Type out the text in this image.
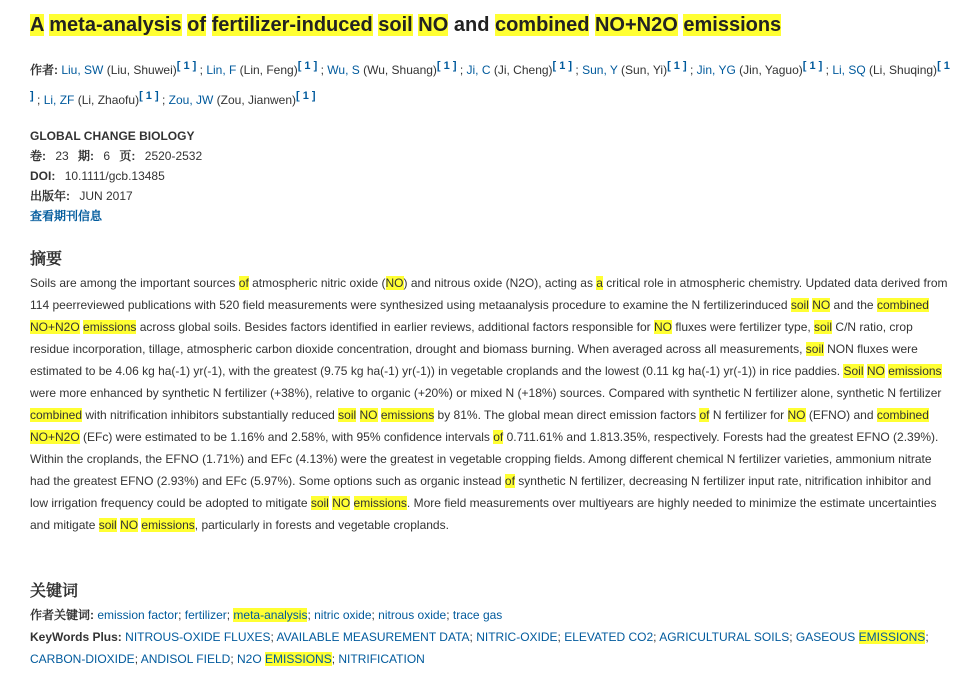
A meta-analysis of fertilizer-induced soil NO and combined NO+N2O emissions
作者: Liu, SW (Liu, Shuwei)[ 1 ] ; Lin, F (Lin, Feng)[ 1 ] ; Wu, S (Wu, Shuang)[ 1 ] ; Ji, C (Ji, Cheng)[ 1 ] ; Sun, Y (Sun, Yi)[ 1 ] ; Jin, YG (Jin, Yaguo)[ 1 ] ; Li, SQ (Li, Shuqing)[ 1 ] ; Li, ZF (Li, Zhaofu)[ 1 ] ; Zou, JW (Zou, Jianwen)[ 1 ]
GLOBAL CHANGE BIOLOGY
卷: 23 期: 6 页: 2520-2532
DOI: 10.1111/gcb.13485
出版年: JUN 2017
查看期刊信息
摘要
Soils are among the important sources of atmospheric nitric oxide (NO) and nitrous oxide (N2O), acting as a critical role in atmospheric chemistry. Updated data derived from 114 peerreviewed publications with 520 field measurements were synthesized using metaanalysis procedure to examine the N fertilizerinduced soil NO and the combined NO+N2O emissions across global soils. Besides factors identified in earlier reviews, additional factors responsible for NO fluxes were fertilizer type, soil C/N ratio, crop residue incorporation, tillage, atmospheric carbon dioxide concentration, drought and biomass burning. When averaged across all measurements, soil NON fluxes were estimated to be 4.06 kg ha(-1) yr(-1), with the greatest (9.75 kg ha(-1) yr(-1)) in vegetable croplands and the lowest (0.11 kg ha(-1) yr(-1)) in rice paddies. Soil NO emissions were more enhanced by synthetic N fertilizer (+38%), relative to organic (+20%) or mixed N (+18%) sources. Compared with synthetic N fertilizer alone, synthetic N fertilizer combined with nitrification inhibitors substantially reduced soil NO emissions by 81%. The global mean direct emission factors of N fertilizer for NO (EFNO) and combined NO+N2O (EFc) were estimated to be 1.16% and 2.58%, with 95% confidence intervals of 0.711.61% and 1.813.35%, respectively. Forests had the greatest EFNO (2.39%). Within the croplands, the EFNO (1.71%) and EFc (4.13%) were the greatest in vegetable cropping fields. Among different chemical N fertilizer varieties, ammonium nitrate had the greatest EFNO (2.93%) and EFc (5.97%). Some options such as organic instead of synthetic N fertilizer, decreasing N fertilizer input rate, nitrification inhibitor and low irrigation frequency could be adopted to mitigate soil NO emissions. More field measurements over multiyears are highly needed to minimize the estimate uncertainties and mitigate soil NO emissions, particularly in forests and vegetable croplands.
关键词
作者关键词: emission factor; fertilizer; meta-analysis; nitric oxide; nitrous oxide; trace gas
KeyWords Plus: NITROUS-OXIDE FLUXES; AVAILABLE MEASUREMENT DATA; NITRIC-OXIDE; ELEVATED CO2; AGRICULTURAL SOILS; GASEOUS EMISSIONS; CARBON-DIOXIDE; ANDISOL FIELD; N2O EMISSIONS; NITRIFICATION
